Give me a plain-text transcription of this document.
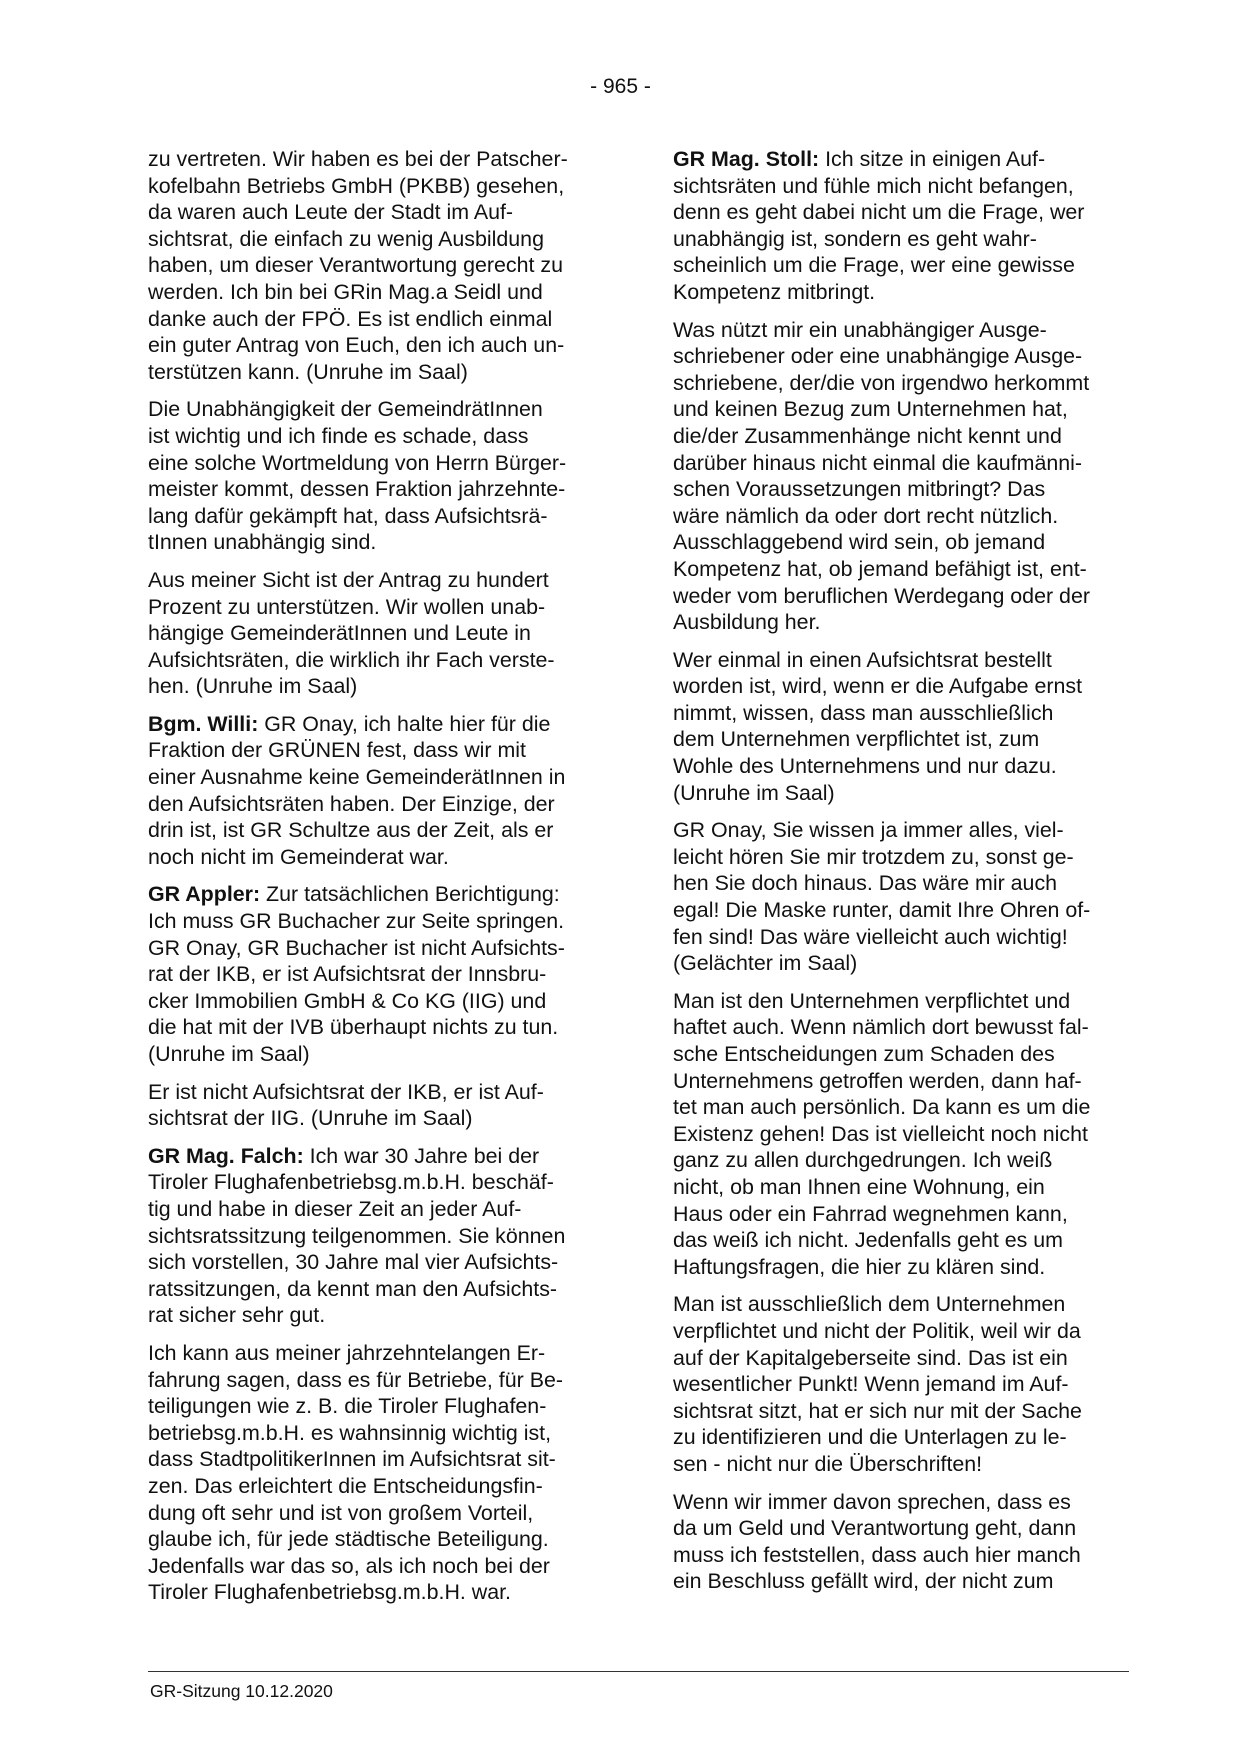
- 965 -

zu vertreten. Wir haben es bei der Patscher-
kofelbahn Betriebs GmbH (PKBB) gesehen,
da waren auch Leute der Stadt im Auf-
sichtsrat, die einfach zu wenig Ausbildung
haben, um dieser Verantwortung gerecht zu
werden. Ich bin bei GRin Mag.a Seidl und
danke auch der FPÖ. Es ist endlich einmal
ein guter Antrag von Euch, den ich auch un-
terstützen kann. (Unruhe im Saal)

Die Unabhängigkeit der GemeindrätInnen
ist wichtig und ich finde es schade, dass
eine solche Wortmeldung von Herrn Bürger-
meister kommt, dessen Fraktion jahrzehnte-
lang dafür gekämpft hat, dass Aufsichtsrä-
tInnen unabhängig sind.

Aus meiner Sicht ist der Antrag zu hundert
Prozent zu unterstützen. Wir wollen unab-
hängige GemeinderätInnen und Leute in
Aufsichtsräten, die wirklich ihr Fach verste-
hen. (Unruhe im Saal)

Bgm. Willi: GR Onay, ich halte hier für die
Fraktion der GRÜNEN fest, dass wir mit
einer Ausnahme keine GemeinderätInnen in
den Aufsichtsräten haben. Der Einzige, der
drin ist, ist GR Schultze aus der Zeit, als er
noch nicht im Gemeinderat war.

GR Appler: Zur tatsächlichen Berichtigung:
Ich muss GR Buchacher zur Seite springen.
GR Onay, GR Buchacher ist nicht Aufsichts-
rat der IKB, er ist Aufsichtsrat der Innsbru-
cker Immobilien GmbH & Co KG (IIG) und
die hat mit der IVB überhaupt nichts zu tun.
(Unruhe im Saal)

Er ist nicht Aufsichtsrat der IKB, er ist Auf-
sichtsrat der IIG. (Unruhe im Saal)

GR Mag. Falch: Ich war 30 Jahre bei der
Tiroler Flughafenbetriebsg.m.b.H. beschäf-
tig und habe in dieser Zeit an jeder Auf-
sichtsratssitzung teilgenommen. Sie können
sich vorstellen, 30 Jahre mal vier Aufsichts-
ratssitzungen, da kennt man den Aufsichts-
rat sicher sehr gut.

Ich kann aus meiner jahrzehntelangen Er-
fahrung sagen, dass es für Betriebe, für Be-
teiligungen wie z. B. die Tiroler Flughafen-
betriebsg.m.b.H. es wahnsinnig wichtig ist,
dass StadtpolitikerInnen im Aufsichtsrat sit-
zen. Das erleichtert die Entscheidungsfin-
dung oft sehr und ist von großem Vorteil,
glaube ich, für jede städtische Beteiligung.
Jedenfalls war das so, als ich noch bei der
Tiroler Flughafenbetriebsg.m.b.H. war.

GR Mag. Stoll: Ich sitze in einigen Auf-
sichtsräten und fühle mich nicht befangen,
denn es geht dabei nicht um die Frage, wer
unabhängig ist, sondern es geht wahr-
scheinlich um die Frage, wer eine gewisse
Kompetenz mitbringt.

Was nützt mir ein unabhängiger Ausge-
schriebener oder eine unabhängige Ausge-
schriebene, der/die von irgendwo herkommt
und keinen Bezug zum Unternehmen hat,
die/der Zusammenhänge nicht kennt und
darüber hinaus nicht einmal die kaufmänni-
schen Voraussetzungen mitbringt? Das
wäre nämlich da oder dort recht nützlich.
Ausschlaggebend wird sein, ob jemand
Kompetenz hat, ob jemand befähigt ist, ent-
weder vom beruflichen Werdegang oder der
Ausbildung her.

Wer einmal in einen Aufsichtsrat bestellt
worden ist, wird, wenn er die Aufgabe ernst
nimmt, wissen, dass man ausschließlich
dem Unternehmen verpflichtet ist, zum
Wohle des Unternehmens und nur dazu.
(Unruhe im Saal)

GR Onay, Sie wissen ja immer alles, viel-
leicht hören Sie mir trotzdem zu, sonst ge-
hen Sie doch hinaus. Das wäre mir auch
egal! Die Maske runter, damit Ihre Ohren of-
fen sind! Das wäre vielleicht auch wichtig!
(Gelächter im Saal)

Man ist den Unternehmen verpflichtet und
haftet auch. Wenn nämlich dort bewusst fal-
sche Entscheidungen zum Schaden des
Unternehmens getroffen werden, dann haf-
tet man auch persönlich. Da kann es um die
Existenz gehen! Das ist vielleicht noch nicht
ganz zu allen durchgedrungen. Ich weiß
nicht, ob man Ihnen eine Wohnung, ein
Haus oder ein Fahrrad wegnehmen kann,
das weiß ich nicht. Jedenfalls geht es um
Haftungsfragen, die hier zu klären sind.

Man ist ausschließlich dem Unternehmen
verpflichtet und nicht der Politik, weil wir da
auf der Kapitalgeberseite sind. Das ist ein
wesentlicher Punkt! Wenn jemand im Auf-
sichtsrat sitzt, hat er sich nur mit der Sache
zu identifizieren und die Unterlagen zu le-
sen - nicht nur die Überschriften!

Wenn wir immer davon sprechen, dass es
da um Geld und Verantwortung geht, dann
muss ich feststellen, dass auch hier manch
ein Beschluss gefällt wird, der nicht zum

GR-Sitzung 10.12.2020
